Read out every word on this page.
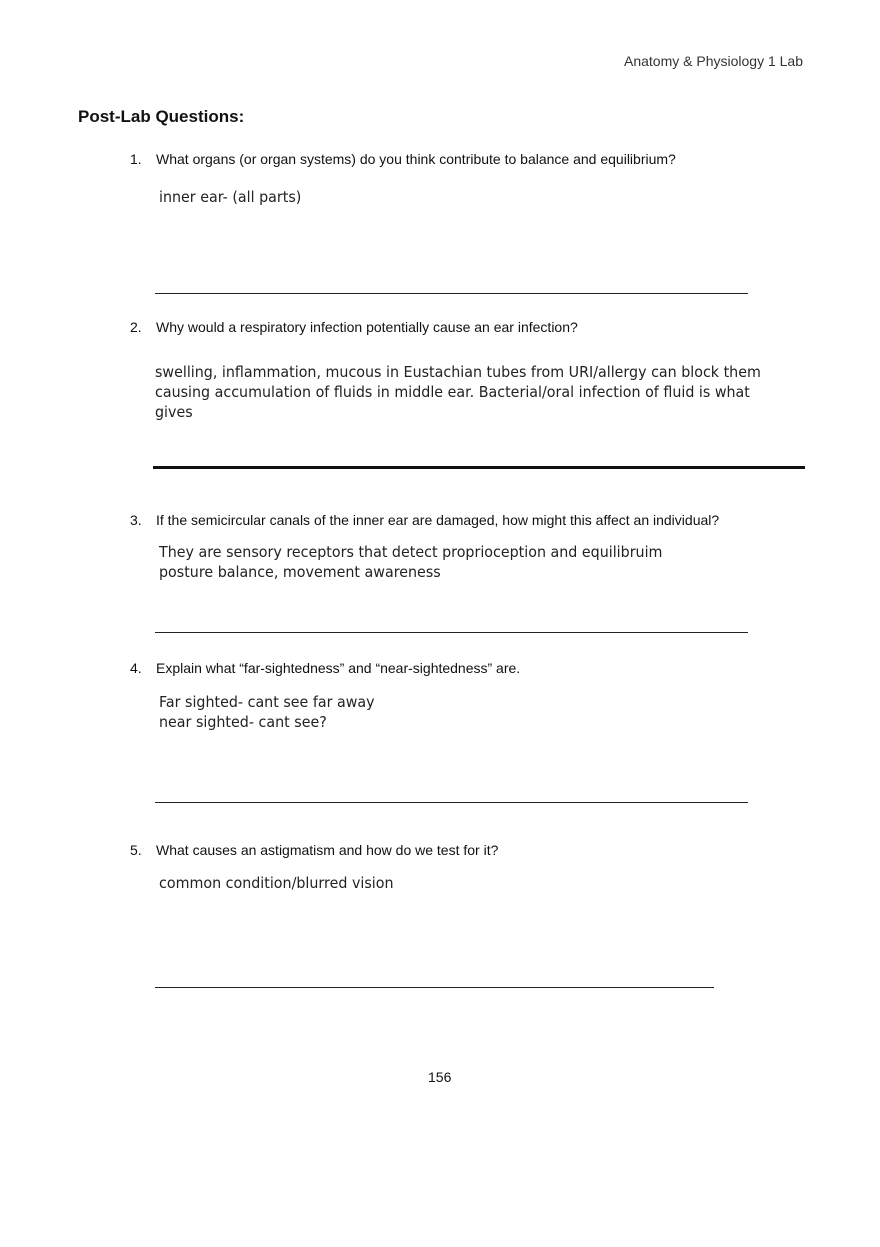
Anatomy & Physiology 1 Lab
Post-Lab Questions:
1. What organs (or organ systems) do you think contribute to balance and equilibrium?
inner ear- (all parts)
2. Why would a respiratory infection potentially cause an ear infection?
swelling, inflammation, mucous in Eustachian tubes from URI/allergy can block them
causing accumulation of fluids in middle ear. Bacterial/oral infection of fluid is what
gives
3. If the semicircular canals of the inner ear are damaged, how might this affect an individual?
They are sensory receptors that detect proprioception and equilibruim
posture balance, movement awareness
4. Explain what “far-sightedness” and “near-sightedness” are.
Far sighted- cant see far away
near sighted- cant see?
5. What causes an astigmatism and how do we test for it?
common condition/blurred vision
156
